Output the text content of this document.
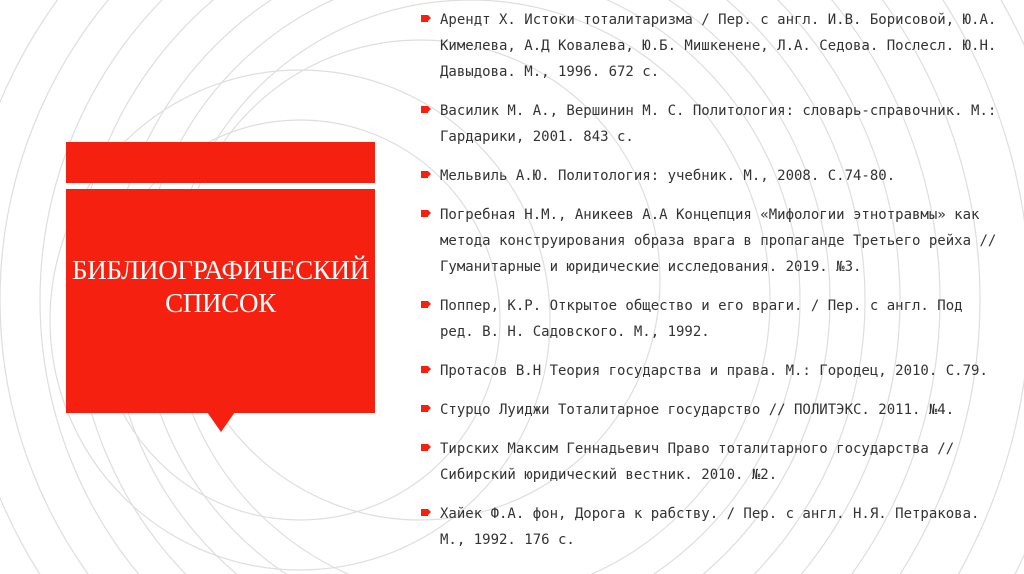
БИБЛИОГРАФИЧЕСКИЙ СПИСОК
Арендт Х. Истоки тоталитаризма / Пер. с англ. И.В. Борисовой, Ю.А. Кимелева, А.Д Ковалева, Ю.Б. Мишкенене, Л.А. Седова. Послесл. Ю.Н. Давыдова. М., 1996. 672 с.
Василик М. А., Вершинин М. С. Политология: словарь-справочник. М.: Гардарики, 2001. 843 с.
Мельвиль А.Ю. Политология: учебник. М., 2008. С.74-80.
Погребная Н.М., Аникеев А.А Концепция «Мифологии этнотравмы» как метода конструирования образа врага в пропаганде Третьего рейха // Гуманитарные и юридические исследования. 2019. №3.
Поппер, К.Р. Открытое общество и его враги. / Пер. с англ. Под ред. В. Н. Садовского. М., 1992.
Протасов В.Н Теория государства и права. М.: Городец, 2010. С.79.
Стурцо Луиджи Тоталитарное государство // ПОЛИТЭКС. 2011. №4.
Тирских Максим Геннадьевич Право тоталитарного государства // Сибирский юридический вестник. 2010. №2.
Хайек Ф.А. фон, Дорога к рабству. / Пер. с англ. Н.Я. Петракова. М., 1992. 176 с.
